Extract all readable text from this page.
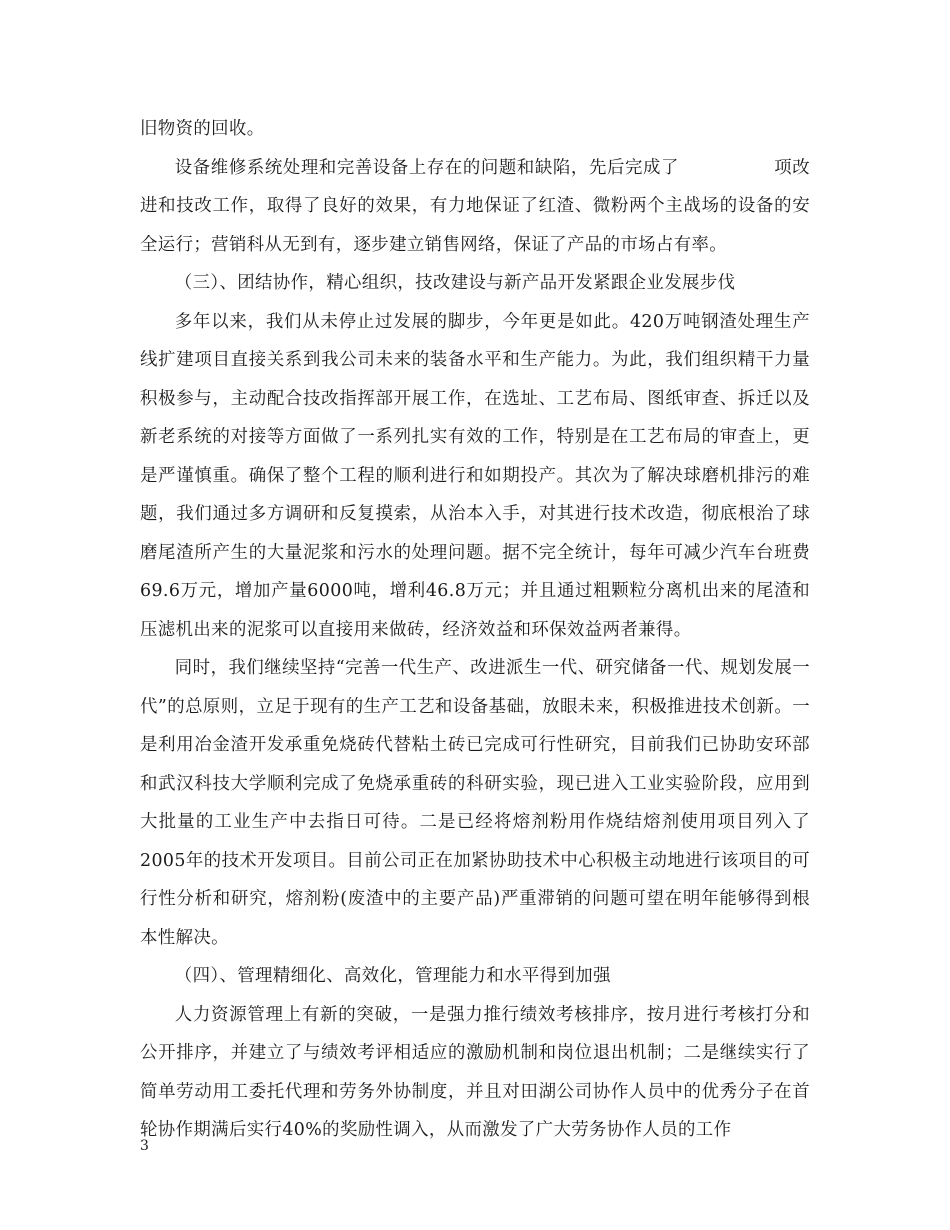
旧物资的回收。

设备维修系统处理和完善设备上存在的问题和缺陷，先后完成了	项改进和技改工作，取得了良好的效果，有力地保证了红渣、微粉两个主战场的设备的安全运行；营销科从无到有，逐步建立销售网络，保证了产品的市场占有率。

（三）、团结协作，精心组织，技改建设与新产品开发紧跟企业发展步伐

多年以来，我们从未停止过发展的脚步，今年更是如此。420万吨钢渣处理生产线扩建项目直接关系到我公司未来的装备水平和生产能力。为此，我们组织精干力量积极参与，主动配合技改指挥部开展工作，在选址、工艺布局、图纸审查、拆迁以及新老系统的对接等方面做了一系列扎实有效的工作，特别是在工艺布局的审查上，更是严谨慎重。确保了整个工程的顺利进行和如期投产。其次为了解决球磨机排污的难题，我们通过多方调研和反复摸索，从治本入手，对其进行技术改造，彻底根治了球磨尾渣所产生的大量泥浆和污水的处理问题。据不完全统计，每年可减少汽车台班费69.6万元，增加产量6000吨，增利46.8万元；并且通过粗颗粒分离机出来的尾渣和压滤机出来的泥浆可以直接用来做砖，经济效益和环保效益两者兼得。

同时，我们继续坚持“完善一代生产、改进派生一代、研究储备一代、规划发展一代”的总原则，立足于现有的生产工艺和设备基础，放眼未来，积极推进技术创新。一是利用冶金渣开发承重免烧砖代替粘土砖已完成可行性研究，目前我们已协助安环部和武汉科技大学顺利完成了免烧承重砖的科研实验，现已进入工业实验阶段，应用到大批量的工业生产中去指日可待。二是已经将熔剂粉用作烧结熔剂使用项目列入了2005年的技术开发项目。目前公司正在加紧协助技术中心积极主动地进行该项目的可行性分析和研究，熔剂粉(废渣中的主要产品)严重滞销的问题可望在明年能够得到根本性解决。

（四）、管理精细化、高效化，管理能力和水平得到加强

人力资源管理上有新的突破，一是强力推行绩效考核排序，按月进行考核打分和公开排序，并建立了与绩效考评相适应的激励机制和岗位退出机制；二是继续实行了简单劳动用工委托代理和劳务外协制度，并且对田湖公司协作人员中的优秀分子在首轮协作期满后实行40%的奖励性调入，从而激发了广大劳务协作人员的工作

3
